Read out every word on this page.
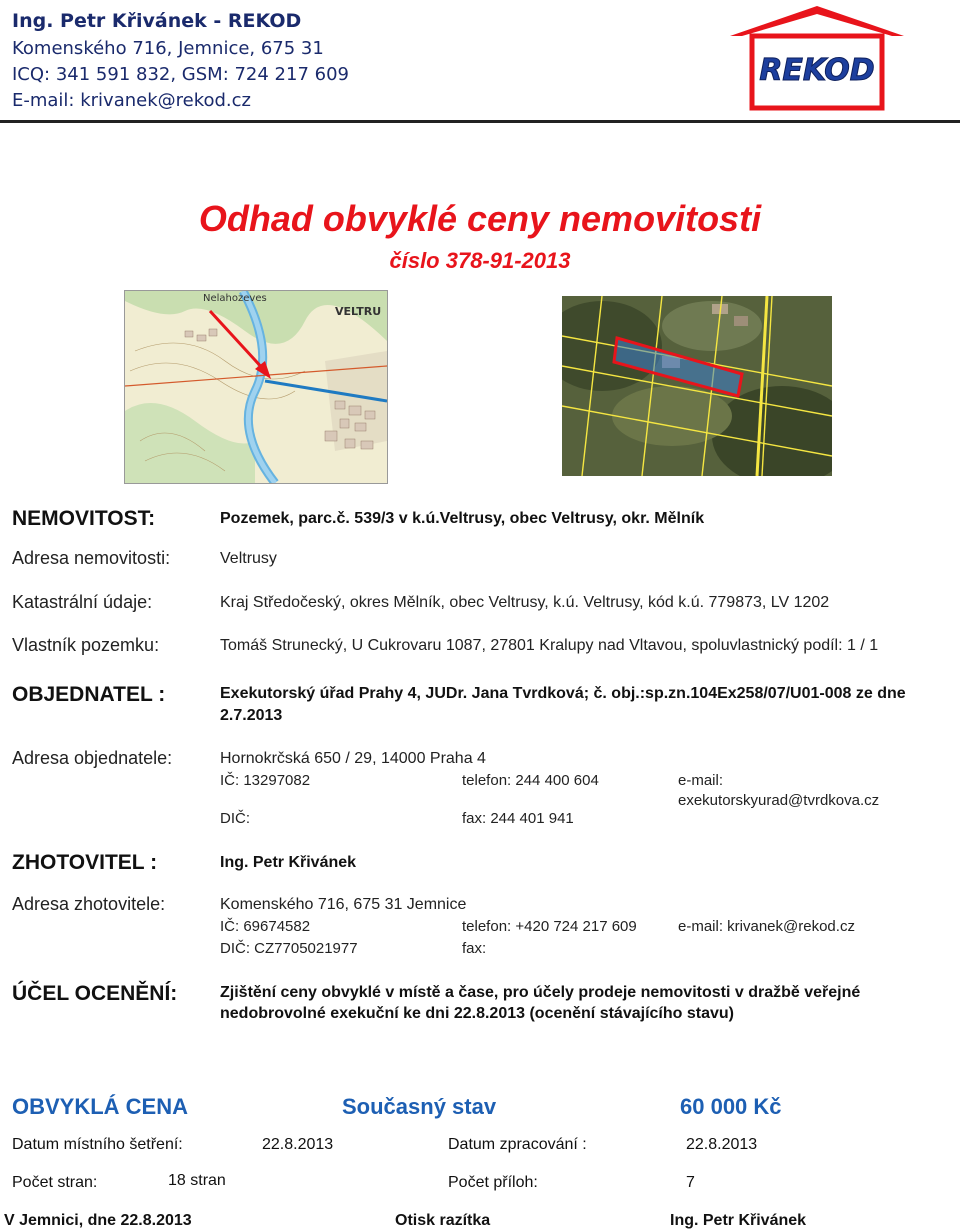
Ing. Petr Křivánek - REKOD
Komenského 716, Jemnice, 675 31
ICQ: 341 591 832, GSM: 724 217 609
E-mail: krivanek@rekod.cz
REKOD
Odhad obvyklé ceny nemovitosti
číslo 378-91-2013
Nelahozeves
VELTRU
NEMOVITOST:	Pozemek, parc.č. 539/3 v k.ú.Veltrusy, obec Veltrusy, okr. Mělník
Adresa nemovitosti:	Veltrusy
Katastrální údaje:	Kraj Středočeský, okres Mělník, obec Veltrusy, k.ú. Veltrusy, kód k.ú. 779873, LV 1202
Vlastník pozemku:	Tomáš Strunecký, U Cukrovaru 1087, 27801 Kralupy nad Vltavou, spoluvlastnický podíl: 1 / 1
OBJEDNATEL :	Exekutorský úřad Prahy 4, JUDr. Jana Tvrdková; č. obj.:sp.zn.104Ex258/07/U01-008 ze dne
2.7.2013
Adresa objednatele:	Hornokrčská 650 / 29, 14000 Praha 4
IČ: 13297082	telefon: 244 400 604	e-mail:
exekutorskyurad@tvrdkova.cz
DIČ:	fax: 244 401 941
ZHOTOVITEL :	Ing. Petr Křivánek
Adresa zhotovitele:	Komenského 716, 675 31 Jemnice
IČ: 69674582	telefon: +420 724 217 609	e-mail: krivanek@rekod.cz
DIČ: CZ7705021977	fax:
ÚČEL OCENĚNÍ:	Zjištění ceny obvyklé v místě a čase, pro účely prodeje nemovitosti v dražbě veřejné
nedobrovolné exekuční ke dni 22.8.2013 (ocenění stávajícího stavu)
OBVYKLÁ CENA	Současný stav	60 000 Kč
Datum místního šetření:	22.8.2013	Datum zpracování :	22.8.2013
Počet stran:	18 stran	Počet příloh:	7
V Jemnici, dne 22.8.2013	Otisk razítka	Ing. Petr Křivánek
